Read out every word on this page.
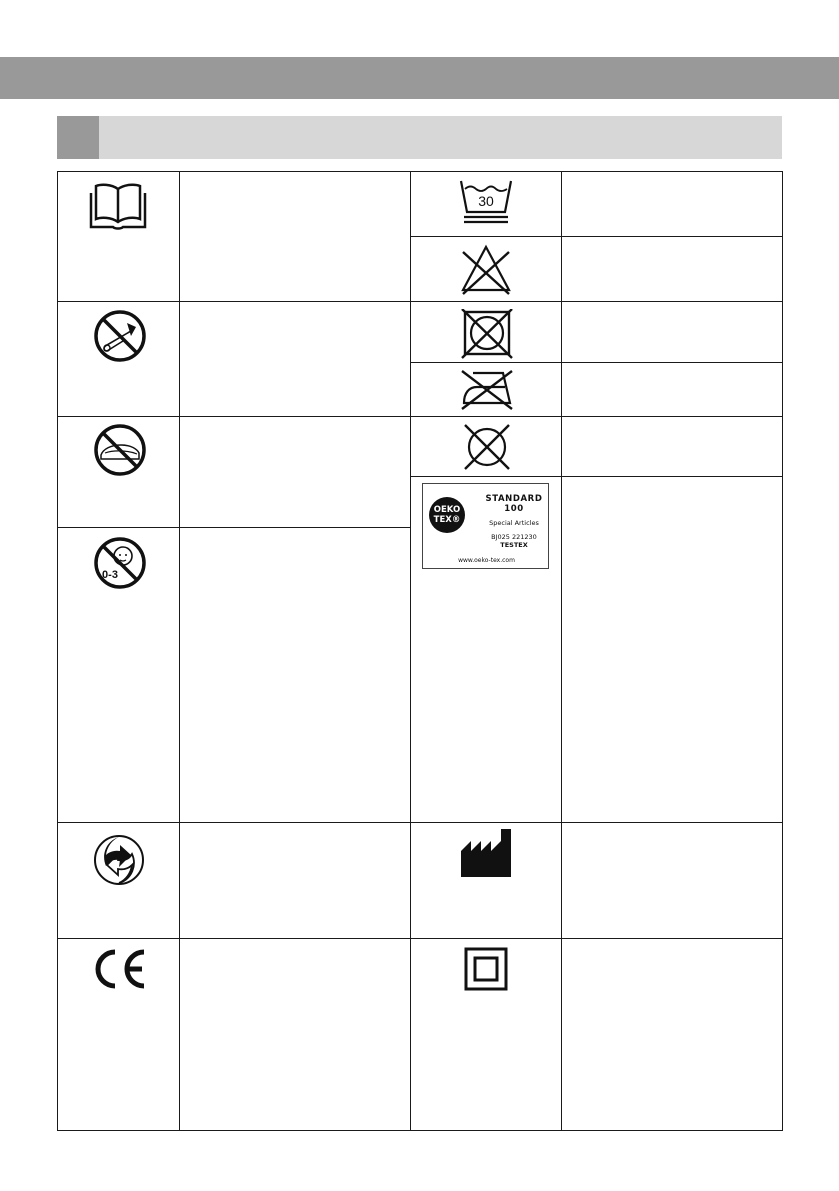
30
OEKO
TEX®
STANDARD
100
Special Articles
BJ025 221230
TESTEX
www.oeko-tex.com
0-3
